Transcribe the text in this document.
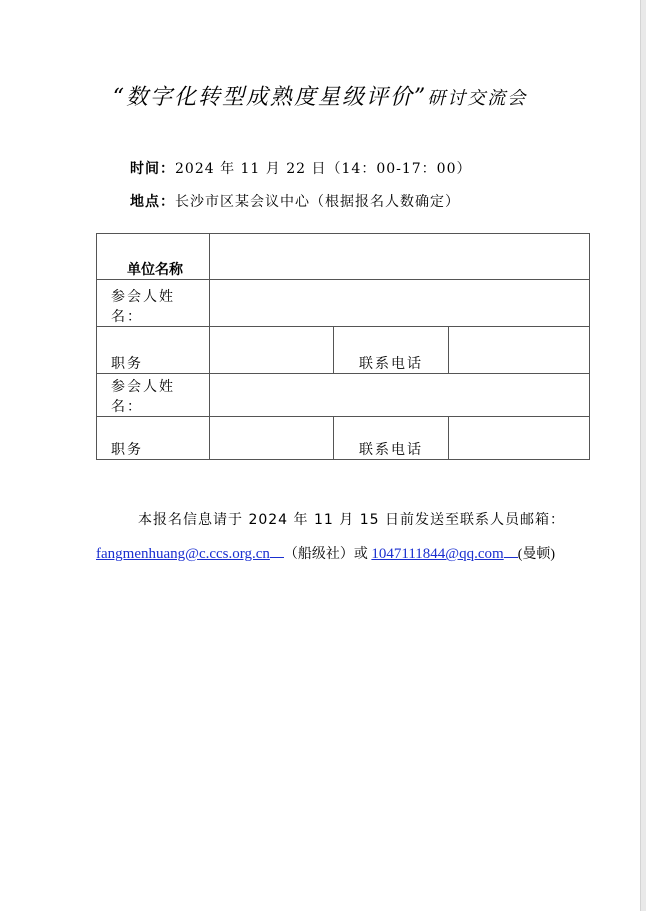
“数字化转型成熟度星级评价”研讨交流会
时间：2024 年 11 月 22 日（14：00-17：00）
地点：长沙市区某会议中心（根据报名人数确定）
单位名称			
参会人姓名：			
职务		联系电话	
参会人姓名：			
职务		联系电话	
本报名信息请于 2024 年 11 月 15 日前发送至联系人员邮箱：
fangmenhuang@c.ccs.org.cn （船级社）或 1047111844@qq.com (曼顿)
